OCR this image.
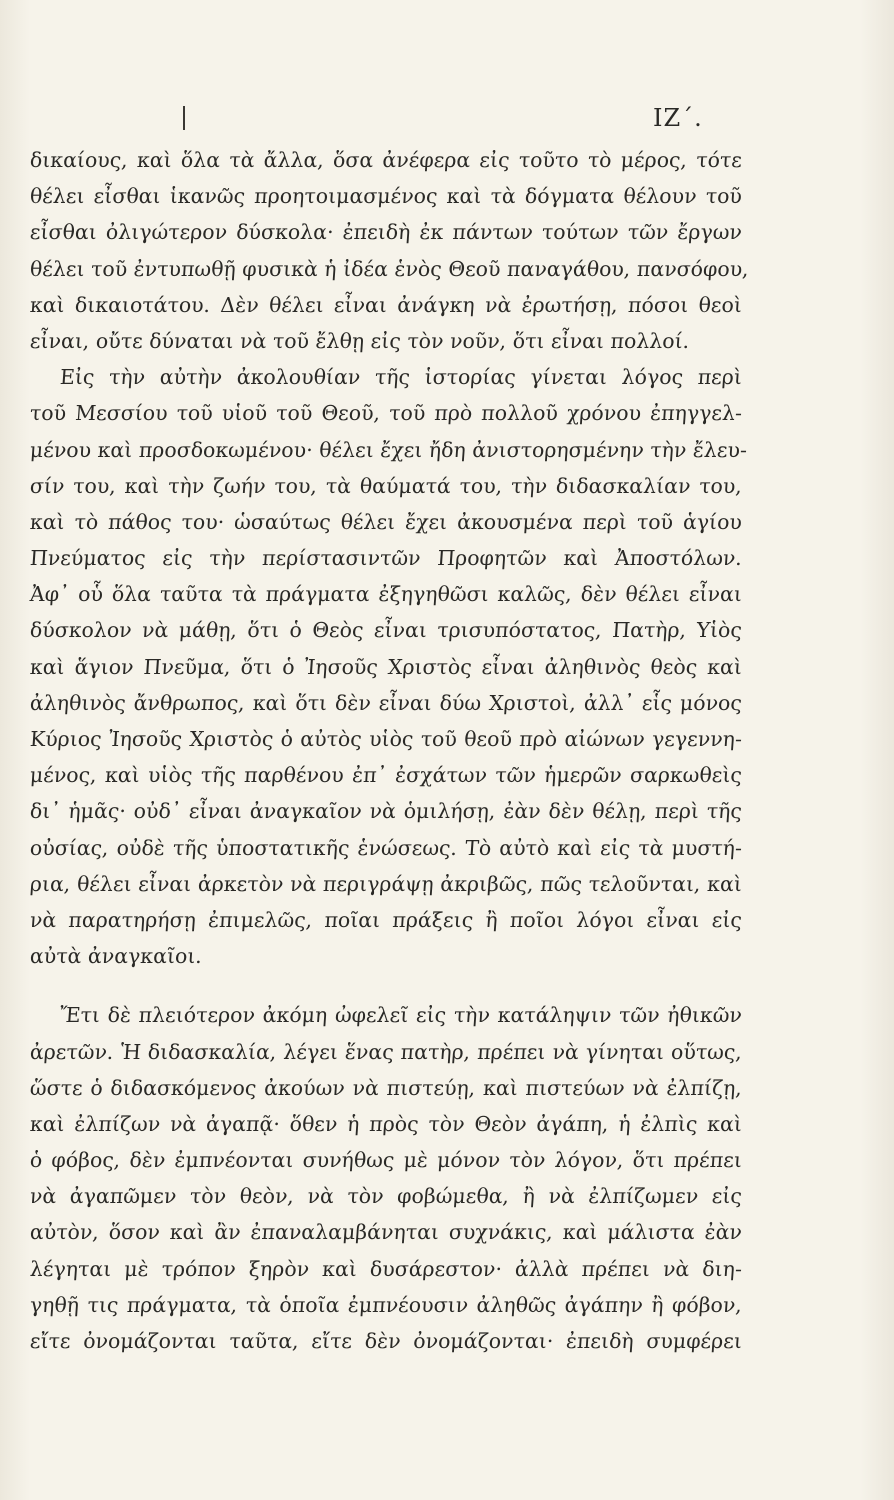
ΙΖ΄.
δικαίους, καὶ ὅλα τὰ ἄλλα, ὅσα ἀνέφερα εἰς τοῦτο τὸ μέρος, τότε
θέλει εἶσθαι ἱκανῶς προητοιμασμένος καὶ τὰ δόγματα θέλουν τοῦ
εἶσθαι ὀλιγώτερον δύσκολα· ἐπειδὴ ἐκ πάντων τούτων τῶν ἔργων
θέλει τοῦ ἐντυπωθῇ φυσικὰ ἡ ἰδέα ἑνὸς Θεοῦ παναγάθου, πανσόφου,
καὶ δικαιοτάτου. Δὲν θέλει εἶναι ἀνάγκη νὰ ἐρωτήσῃ, πόσοι θεοὶ
εἶναι, οὔτε δύναται νὰ τοῦ ἔλθῃ εἰς τὸν νοῦν, ὅτι εἶναι πολλοί.
Εἰς τὴν αὐτὴν ἀκολουθίαν τῆς ἱστορίας γίνεται λόγος περὶ
τοῦ Μεσσίου τοῦ υἱοῦ τοῦ Θεοῦ, τοῦ πρὸ πολλοῦ χρόνου ἐπηγγελ-
μένου καὶ προσδοκωμένου· θέλει ἔχει ἤδη ἀνιστορησμένην τὴν ἔλευ-
σίν του, καὶ τὴν ζωήν του, τὰ θαύματά του, τὴν διδασκαλίαν του,
καὶ τὸ πάθος του· ὡσαύτως θέλει ἔχει ἀκουσμένα περὶ τοῦ ἁγίου
Πνεύματος εἰς τὴν περίστασιντῶν Προφητῶν καὶ Ἀποστόλων.
Ἀφ᾽ οὗ ὅλα ταῦτα τὰ πράγματα ἐξηγηθῶσι καλῶς, δὲν θέλει εἶναι
δύσκολον νὰ μάθῃ, ὅτι ὁ Θεὸς εἶναι τρισυπόστατος, Πατὴρ, Υἱὸς
καὶ ἅγιον Πνεῦμα, ὅτι ὁ Ἰησοῦς Χριστὸς εἶναι ἀληθινὸς θεὸς καὶ
ἀληθινὸς ἄνθρωπος, καὶ ὅτι δὲν εἶναι δύω Χριστοὶ, ἀλλ᾽ εἷς μόνος
Κύριος Ἰησοῦς Χριστὸς ὁ αὐτὸς υἱὸς τοῦ θεοῦ πρὸ αἰώνων γεγεννη-
μένος, καὶ υἱὸς τῆς παρθένου ἐπ᾽ ἐσχάτων τῶν ἡμερῶν σαρκωθεὶς
δι᾽ ἡμᾶς· οὐδ᾽ εἶναι ἀναγκαῖον νὰ ὁμιλήσῃ, ἐὰν δὲν θέλῃ, περὶ τῆς
οὐσίας, οὐδὲ τῆς ὑποστατικῆς ἑνώσεως. Τὸ αὐτὸ καὶ εἰς τὰ μυστή-
ρια, θέλει εἶναι ἀρκετὸν νὰ περιγράψῃ ἀκριβῶς, πῶς τελοῦνται, καὶ
νὰ παρατηρήσῃ ἐπιμελῶς, ποῖαι πράξεις ἢ ποῖοι λόγοι εἶναι εἰς
αὐτὰ ἀναγκαῖοι.
Ἔτι δὲ πλειότερον ἀκόμη ὠφελεῖ εἰς τὴν κατάληψιν τῶν ἠθικῶν
ἀρετῶν. Ἡ διδασκαλία, λέγει ἕνας πατὴρ, πρέπει νὰ γίνηται οὕτως,
ὥστε ὁ διδασκόμενος ἀκούων νὰ πιστεύῃ, καὶ πιστεύων νὰ ἐλπίζῃ,
καὶ ἐλπίζων νὰ ἀγαπᾷ· ὅθεν ἡ πρὸς τὸν Θεὸν ἀγάπη, ἡ ἐλπὶς καὶ
ὁ φόβος, δὲν ἐμπνέονται συνήθως μὲ μόνον τὸν λόγον, ὅτι πρέπει
νὰ ἀγαπῶμεν τὸν θεὸν, νὰ τὸν φοβώμεθα, ἢ νὰ ἐλπίζωμεν εἰς
αὐτὸν, ὅσον καὶ ἂν ἐπαναλαμβάνηται συχνάκις, καὶ μάλιστα ἐὰν
λέγηται μὲ τρόπον ξηρὸν καὶ δυσάρεστον· ἀλλὰ πρέπει νὰ διη-
γηθῇ τις πράγματα, τὰ ὁποῖα ἐμπνέουσιν ἀληθῶς ἀγάπην ἢ φόβον,
εἴτε ὀνομάζονται ταῦτα, εἴτε δὲν ὀνομάζονται· ἐπειδὴ συμφέρει
